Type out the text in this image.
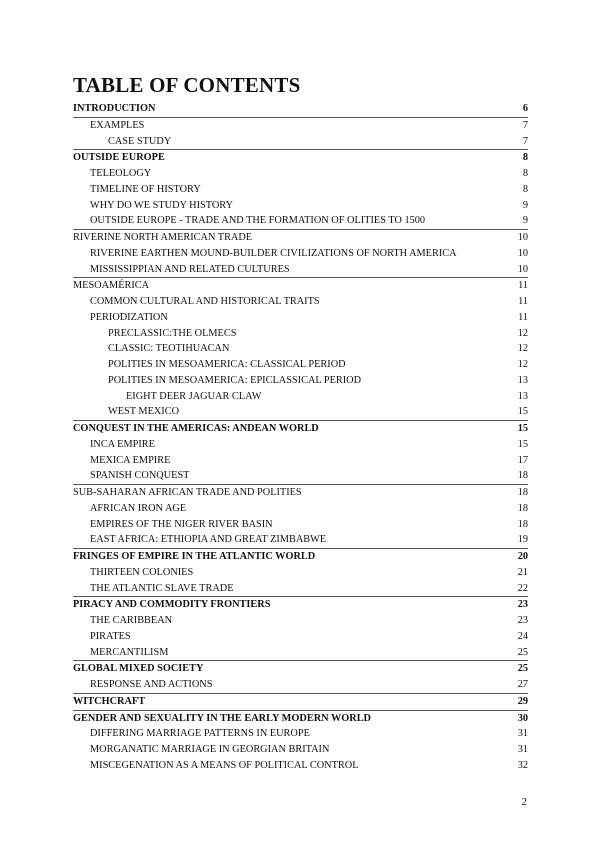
TABLE OF CONTENTS
INTRODUCTION	6
EXAMPLES	7
CASE STUDY	7
OUTSIDE EUROPE	8
TELEOLOGY	8
TIMELINE OF HISTORY	8
WHY DO WE STUDY HISTORY	9
OUTSIDE EUROPE - TRADE AND THE FORMATION OF OLITIES TO 1500	9
RIVERINE NORTH AMERICAN TRADE	10
RIVERINE EARTHEN MOUND-BUILDER CIVILIZATIONS OF NORTH AMERICA	10
MISSISSIPPIAN AND RELATED CULTURES	10
MESOAMÉRICA	11
COMMON CULTURAL AND HISTORICAL TRAITS	11
PERIODIZATION	11
PRECLASSIC:THE OLMECS	12
CLASSIC: TEOTIHUACAN	12
POLITIES IN MESOAMERICA: CLASSICAL PERIOD	12
POLITIES IN MESOAMERICA: EPICLASSICAL PERIOD	13
EIGHT DEER JAGUAR CLAW	13
WEST MEXICO	15
CONQUEST IN THE AMERICAS: ANDEAN WORLD	15
INCA EMPIRE	15
MEXICA EMPIRE	17
SPANISH CONQUEST	18
SUB-SAHARAN AFRICAN TRADE AND POLITIES	18
AFRICAN IRON AGE	18
EMPIRES OF THE NIGER RIVER BASIN	18
EAST AFRICA: ETHIOPIA AND GREAT ZIMBABWE	19
FRINGES OF EMPIRE IN THE ATLANTIC WORLD	20
THIRTEEN COLONIES	21
THE ATLANTIC SLAVE TRADE	22
PIRACY AND COMMODITY FRONTIERS	23
THE CARIBBEAN	23
PIRATES	24
MERCANTILISM	25
GLOBAL MIXED SOCIETY	25
RESPONSE AND ACTIONS	27
WITCHCRAFT	29
GENDER AND SEXUALITY IN THE EARLY MODERN WORLD	30
DIFFERING MARRIAGE PATTERNS IN EUROPE	31
MORGANATIC MARRIAGE IN GEORGIAN BRITAIN	31
MISCEGENATION AS A MEANS OF POLITICAL CONTROL	32
2
